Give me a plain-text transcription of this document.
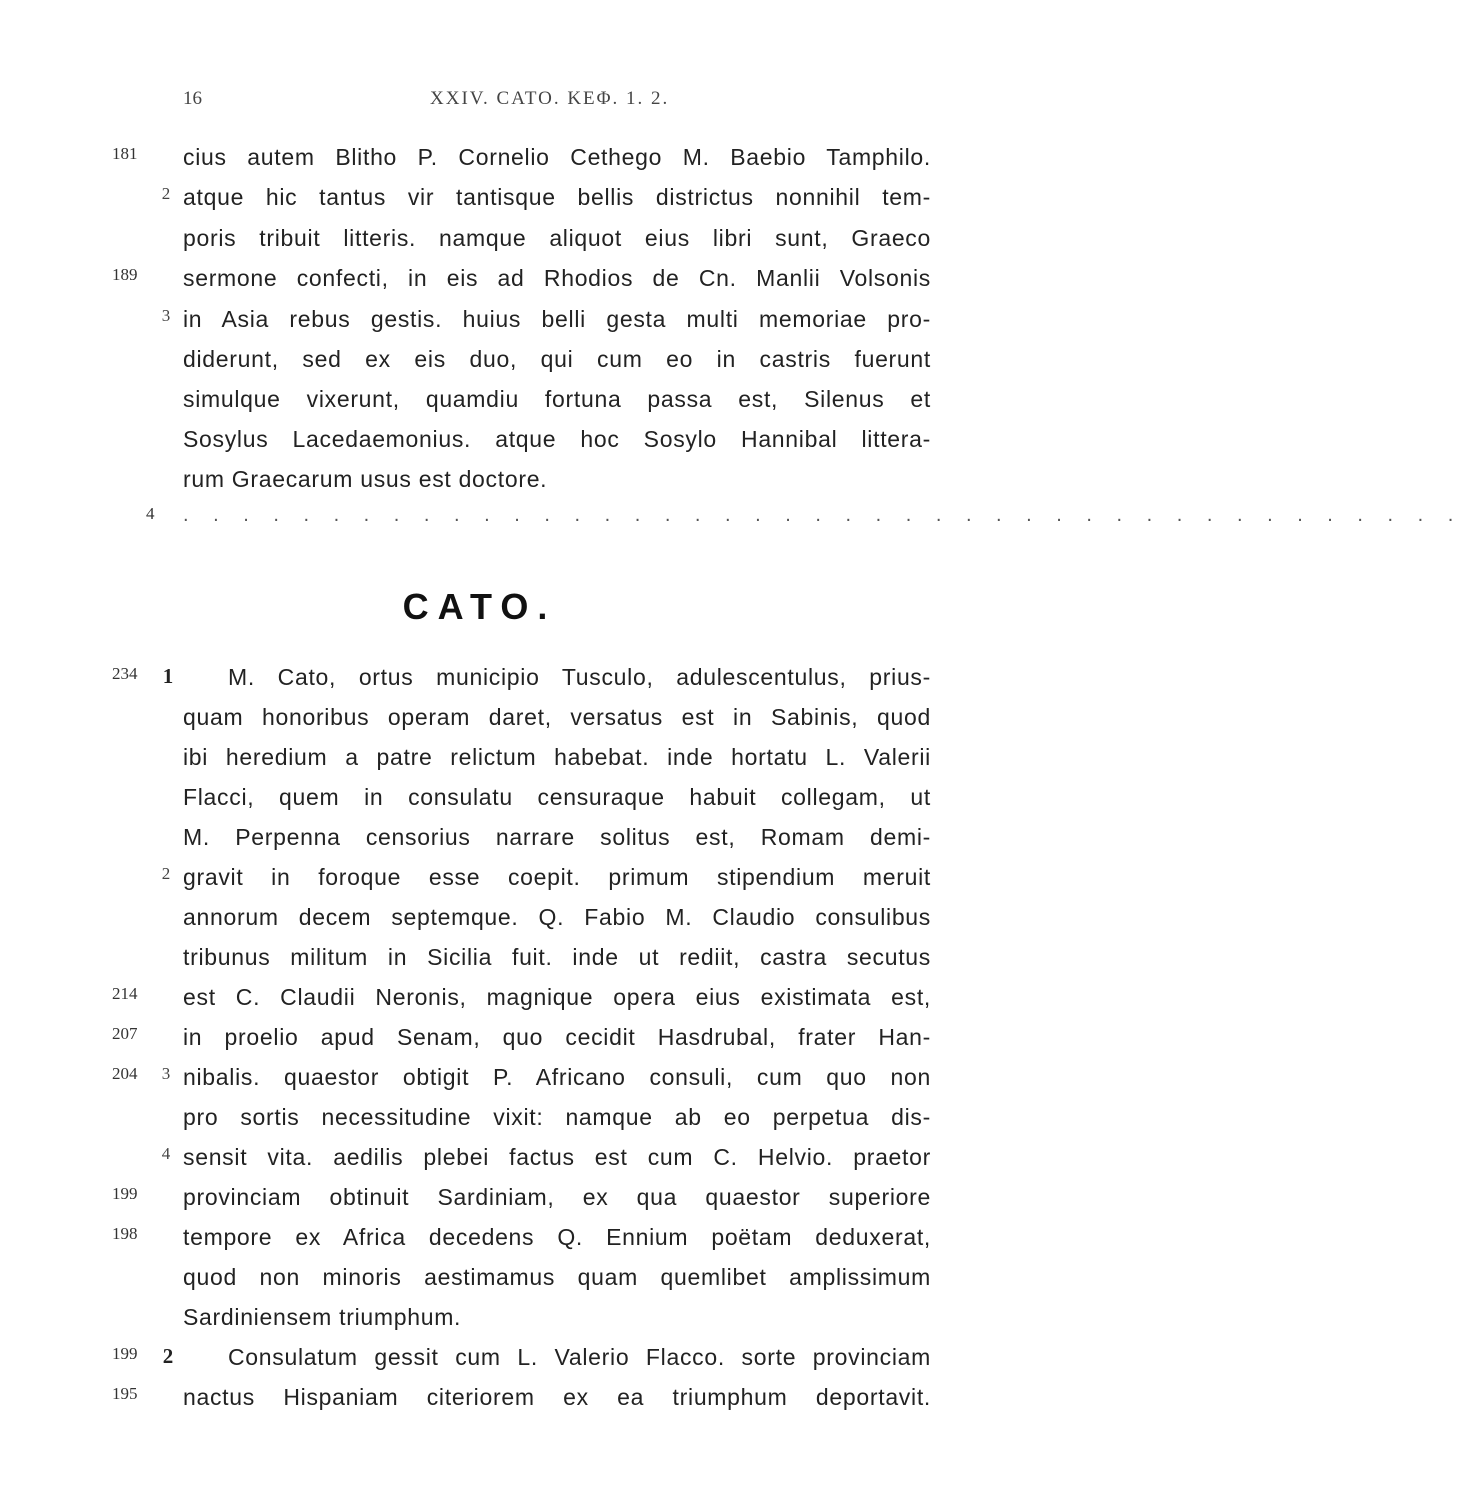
16	XXIV. CATO. ΚΕΦ. 1. 2.
181	cius autem Blitho P. Cornelio Cethego M. Baebio Tamphilo.
2 atque hic tantus vir tantisque bellis districtus nonnihil tem-
poris tribuit litteris. namque aliquot eius libri sunt, Graeco
189	sermone confecti, in eis ad Rhodios de Cn. Manlii Volsonis
3 in Asia rebus gestis. huius belli gesta multi memoriae pro-
diderunt, sed ex eis duo, qui cum eo in castris fuerunt
simulque vixerunt, quamdiu fortuna passa est, Silenus et
Sosylus Lacedaemonius. atque hoc Sosylo Hannibal littera-
rum Graecarum usus est doctore.
4 . . . . . . . . . . . . . . . . . . . . . . . . . . . . . . . . . . . . . . . . . . .
CATO.
234	1 M. Cato, ortus municipio Tusculo, adulescentulus, prius-
quam honoribus operam daret, versatus est in Sabinis, quod
ibi heredium a patre relictum habebat. inde hortatu L. Valerii
Flacci, quem in consulatu censuraque habuit collegam, ut
M. Perpenna censorius narrare solitus est, Romam demi-
2 gravit in foroque esse coepit. primum stipendium meruit
annorum decem septemque. Q. Fabio M. Claudio consulibus
tribunus militum in Sicilia fuit. inde ut rediit, castra secutus
214	est C. Claudii Neronis, magnique opera eius existimata est,
207	in proelio apud Senam, quo cecidit Hasdrubal, frater Han-
204	3 nibalis. quaestor obtigit P. Africano consuli, cum quo non
pro sortis necessitudine vixit: namque ab eo perpetua dis-
4 sensit vita. aedilis plebei factus est cum C. Helvio. praetor
199	provinciam obtinuit Sardiniam, ex qua quaestor superiore
198	tempore ex Africa decedens Q. Ennium poëtam deduxerat,
quod non minoris aestimamus quam quemlibet amplissimum
Sardiniensem triumphum.
199	2 Consulatum gessit cum L. Valerio Flacco. sorte provinciam
195	nactus Hispaniam citeriorem ex ea triumphum deportavit.
